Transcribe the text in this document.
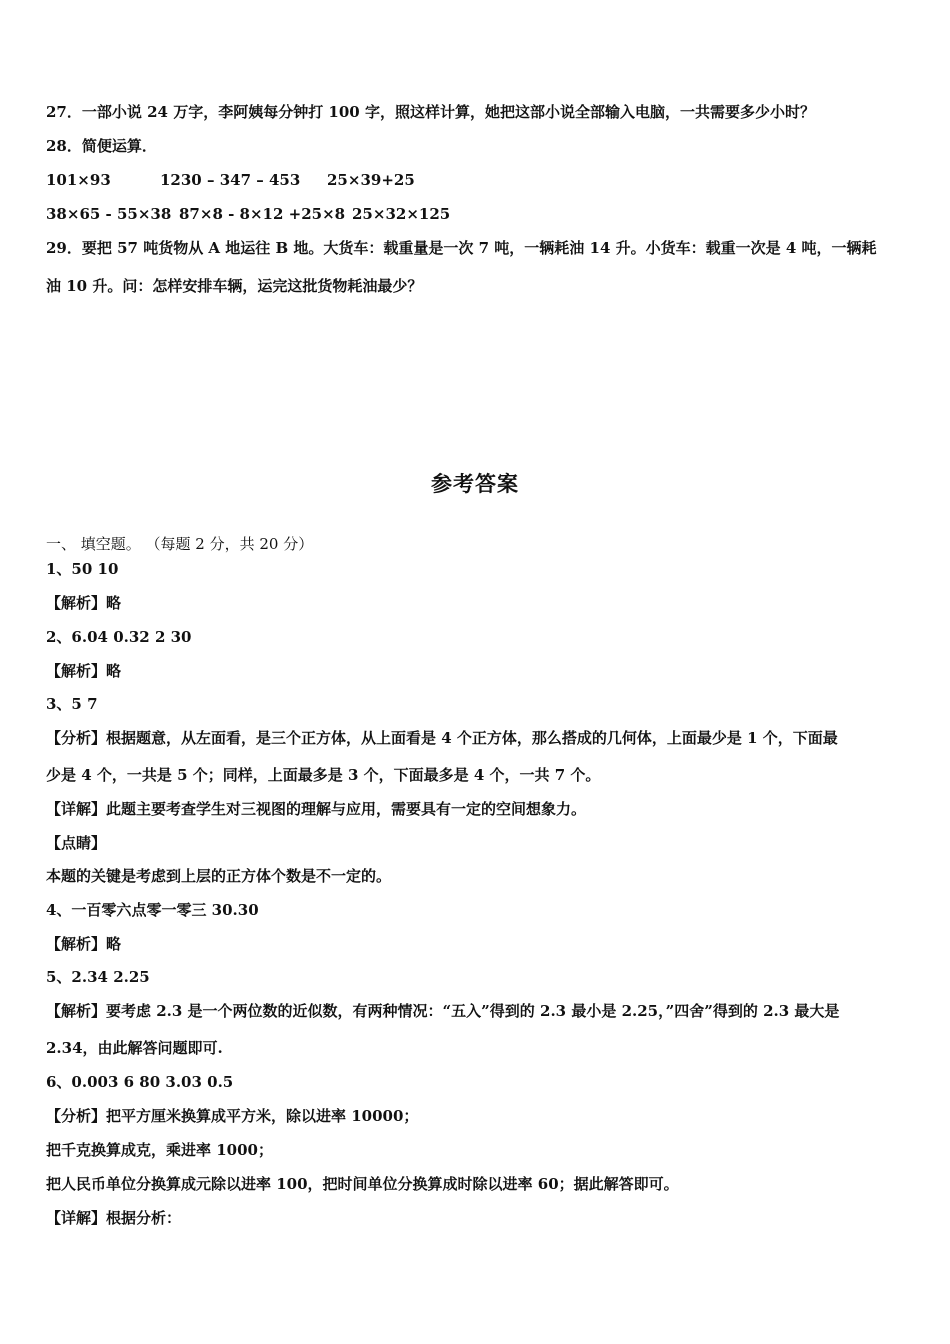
27．一部小说 24 万字，李阿姨每分钟打 100 字，照这样计算，她把这部小说全部输入电脑，一共需要多少小时？
28．简便运算．
101×93	1230 – 347 – 453 25×39+25
38×65 - 55×38 87×8 - 8×12 +25×8 25×32×125
29．要把 57 吨货物从 A 地运往 B 地。大货车：载重量是一次 7 吨，一辆耗油 14 升。小货车：载重一次是 4 吨，一辆耗
油 10 升。问：怎样安排车辆，运完这批货物耗油最少？
参考答案
一、 填空题。 （每题 2 分，共 20 分）
1、50 10
【解析】略
2、6.04 0.32 2 30
【解析】略
3、5 7
【分析】根据题意，从左面看，是三个正方体，从上面看是 4 个正方体，那么搭成的几何体，上面最少是 1 个，下面最
少是 4 个，一共是 5 个；同样，上面最多是 3 个，下面最多是 4 个，一共 7 个。
【详解】此题主要考查学生对三视图的理解与应用，需要具有一定的空间想象力。
【点睛】
本题的关键是考虑到上层的正方体个数是不一定的。
4、一百零六点零一零三 30.30
【解析】略
5、2.34 2.25
【解析】要考虑 2.3 是一个两位数的近似数，有两种情况：“五入”得到的 2.3 最小是 2.25，”四舍”得到的 2.3 最大是
2.34，由此解答问题即可.
6、0.003 6 80 3.03 0.5
【分析】把平方厘米换算成平方米，除以进率 10000；
把千克换算成克，乘进率 1000；
把人民币单位分换算成元除以进率 100，把时间单位分换算成时除以进率 60；据此解答即可。
【详解】根据分析：
